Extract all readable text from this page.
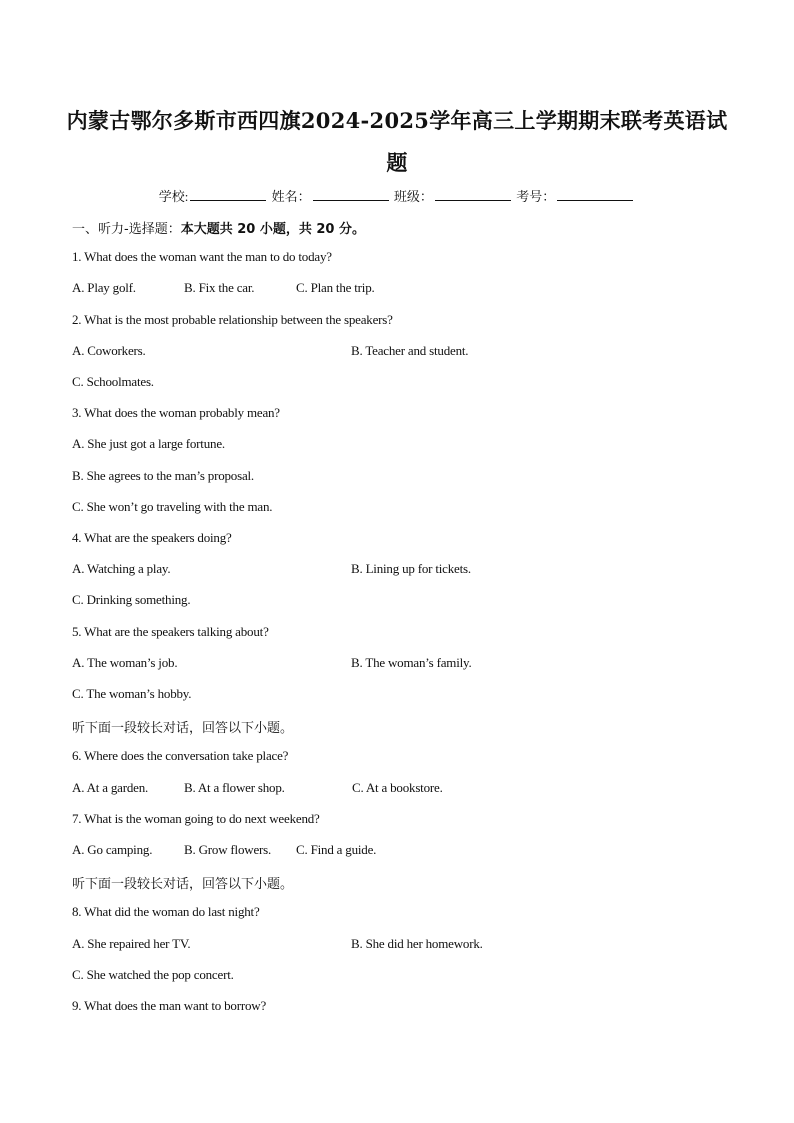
内蒙古鄂尔多斯市西四旗2024-2025学年高三上学期期末联考英语试题
学校:	姓名：	班级：	考号：
一、听力-选择题：本大题共 20 小题，共 20 分。
1. What does the woman want the man to do today?
A. Play golf.	B. Fix the car.	C. Plan the trip.
2. What is the most probable relationship between the speakers?
A. Coworkers.	B. Teacher and student.
C. Schoolmates.
3. What does the woman probably mean?
A. She just got a large fortune.
B. She agrees to the man’s proposal.
C. She won’t go traveling with the man.
4. What are the speakers doing?
A. Watching a play.	B. Lining up for tickets.
C. Drinking something.
5. What are the speakers talking about?
A. The woman’s job.	B. The woman’s family.
C. The woman’s hobby.
听下面一段较长对话，回答以下小题。
6. Where does the conversation take place?
A. At a garden.	B. At a flower shop.	C. At a bookstore.
7. What is the woman going to do next weekend?
A. Go camping. B. Grow flowers. C. Find a guide.
听下面一段较长对话，回答以下小题。
8. What did the woman do last night?
A. She repaired her TV.	B. She did her homework.
C. She watched the pop concert.
9. What does the man want to borrow?
